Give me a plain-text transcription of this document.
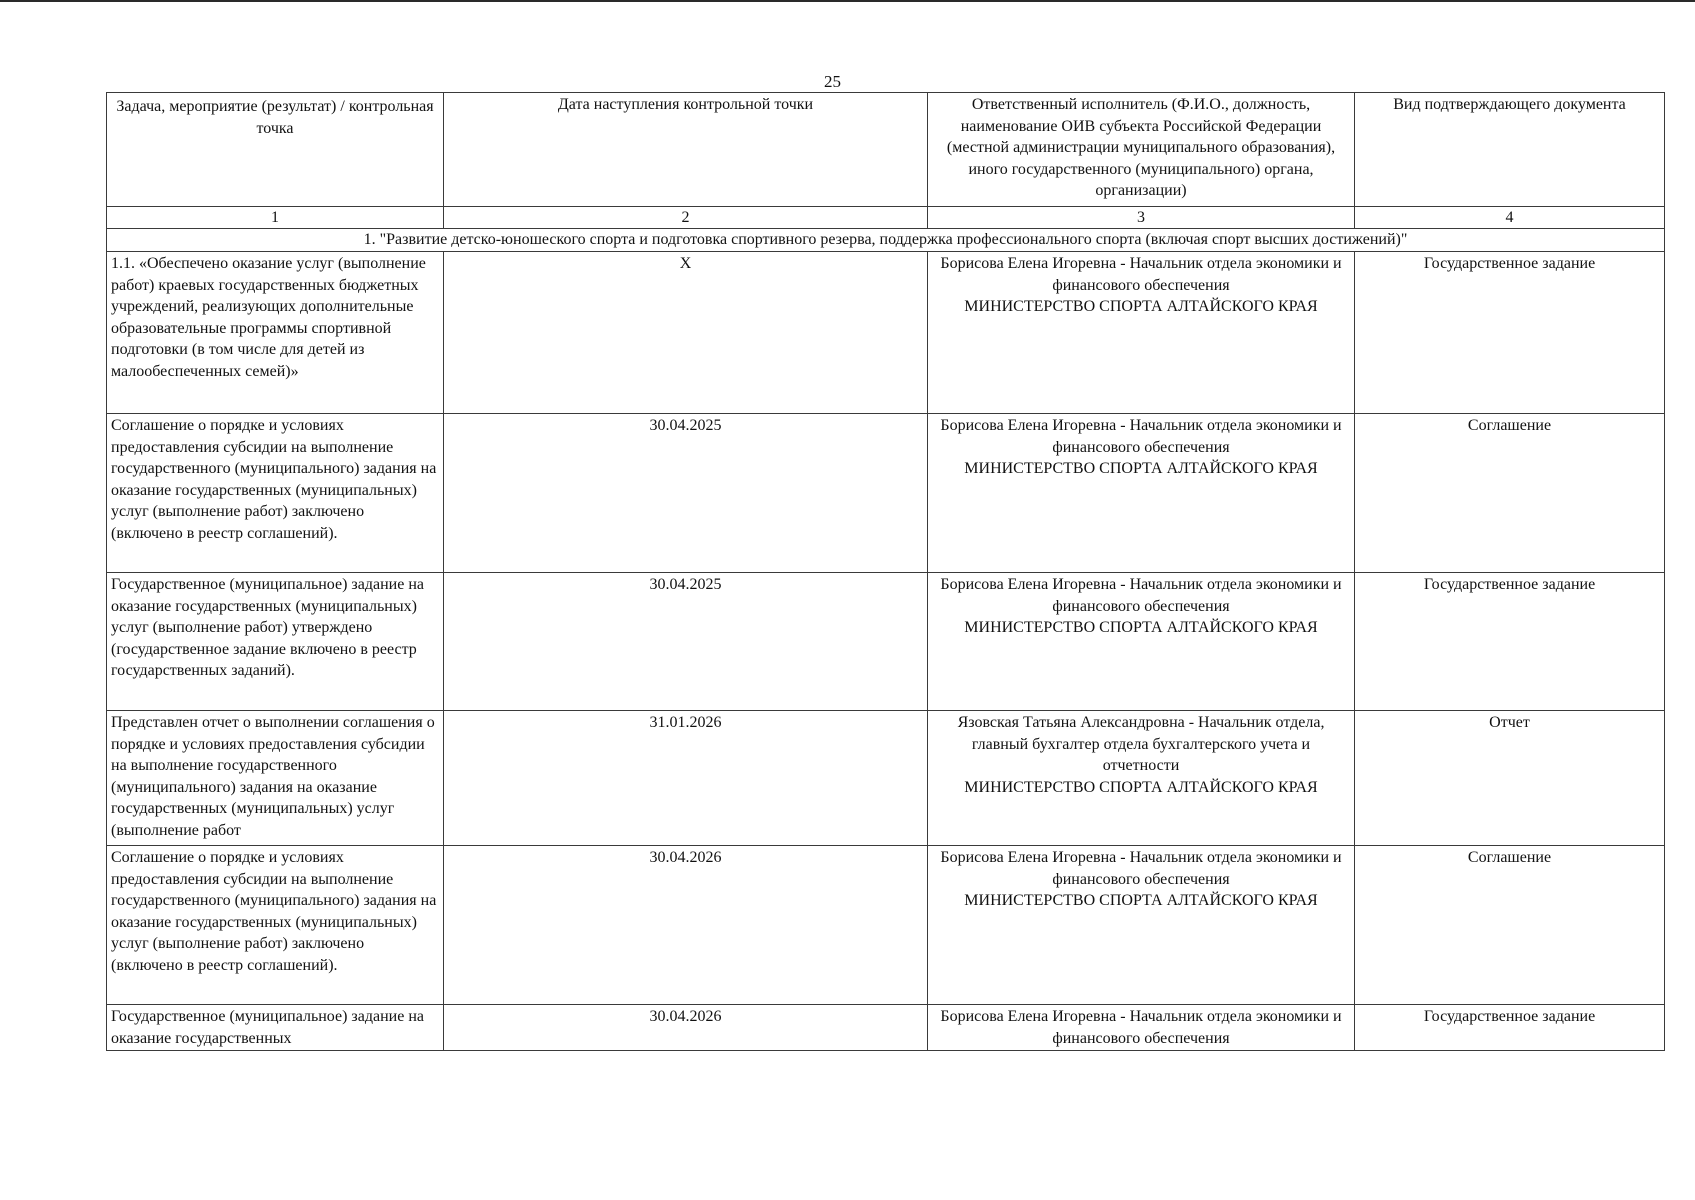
25
Задача, мероприятие (результат) / контрольная точка	Дата наступления контрольной точки	Ответственный исполнитель (Ф.И.О., должность, наименование ОИВ субъекта Российской Федерации (местной администрации муниципального образования), иного государственного (муниципального) органа, организации)	Вид подтверждающего документа
1	2	3	4
1. "Развитие детско-юношеского спорта и подготовка спортивного резерва, поддержка профессионального спорта (включая спорт высших достижений)"			
1.1. «Обеспечено оказание услуг (выполнение работ) краевых государственных бюджетных учреждений, реализующих дополнительные образовательные программы спортивной подготовки (в том числе для детей из малообеспеченных семей)»	X	Борисова Елена Игоревна - Начальник отдела экономики и финансового обеспечения
МИНИСТЕРСТВО СПОРТА АЛТАЙСКОГО КРАЯ	Государственное задание
Соглашение о порядке и условиях предоставления субсидии на выполнение государственного (муниципального) задания на оказание государственных (муниципальных) услуг (выполнение работ) заключено (включено в реестр соглашений).	30.04.2025	Борисова Елена Игоревна - Начальник отдела экономики и финансового обеспечения
МИНИСТЕРСТВО СПОРТА АЛТАЙСКОГО КРАЯ	Соглашение
Государственное (муниципальное) задание на оказание государственных (муниципальных) услуг (выполнение работ) утверждено (государственное задание включено в реестр государственных заданий).	30.04.2025	Борисова Елена Игоревна - Начальник отдела экономики и финансового обеспечения
МИНИСТЕРСТВО СПОРТА АЛТАЙСКОГО КРАЯ	Государственное задание
Представлен отчет о выполнении соглашения о порядке и условиях предоставления субсидии на выполнение государственного (муниципального) задания на оказание государственных (муниципальных) услуг (выполнение работ	31.01.2026	Язовская Татьяна Александровна - Начальник отдела, главный бухгалтер отдела бухгалтерского учета и отчетности
МИНИСТЕРСТВО СПОРТА АЛТАЙСКОГО КРАЯ	Отчет
Соглашение о порядке и условиях предоставления субсидии на выполнение государственного (муниципального) задания на оказание государственных (муниципальных) услуг (выполнение работ) заключено (включено в реестр соглашений).	30.04.2026	Борисова Елена Игоревна - Начальник отдела экономики и финансового обеспечения
МИНИСТЕРСТВО СПОРТА АЛТАЙСКОГО КРАЯ	Соглашение
Государственное (муниципальное) задание на оказание государственных	30.04.2026	Борисова Елена Игоревна - Начальник отдела экономики и финансового обеспечения	Государственное задание
